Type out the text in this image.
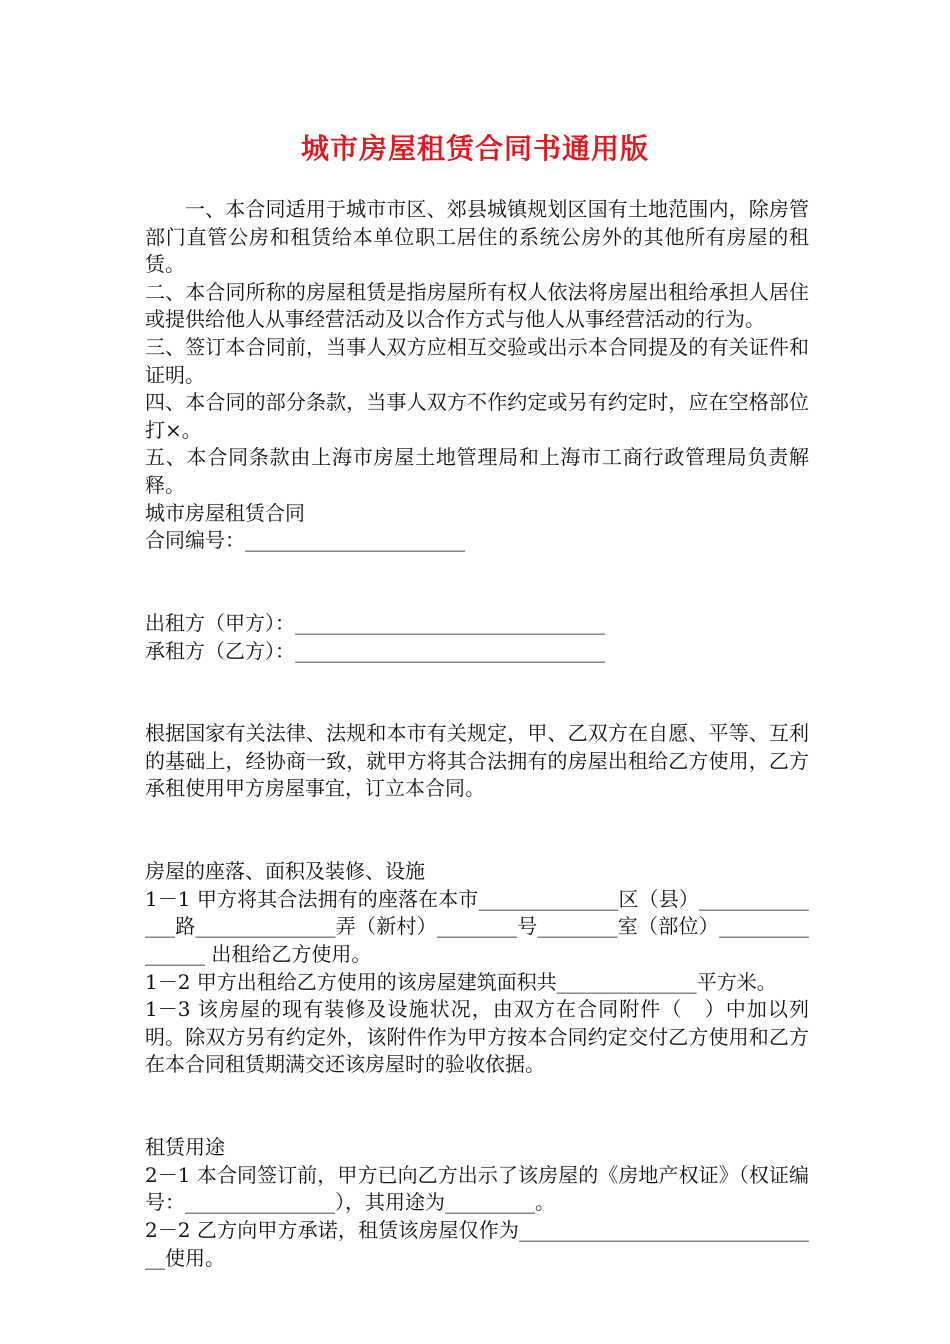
城市房屋租赁合同书通用版

一、本合同适用于城市市区、郊县城镇规划区国有土地范围内，除房管部门直管公房和租赁给本单位职工居住的系统公房外的其他所有房屋的租赁。

二、本合同所称的房屋租赁是指房屋所有权人依法将房屋出租给承担人居住或提供给他人从事经营活动及以合作方式与他人从事经营活动的行为。

三、签订本合同前，当事人双方应相互交验或出示本合同提及的有关证件和证明。

四、本合同的部分条款，当事人双方不作约定或另有约定时，应在空格部位打×。

五、本合同条款由上海市房屋土地管理局和上海市工商行政管理局负责解释。

城市房屋租赁合同

合同编号：______________________

出租方（甲方）：_______________________________

承租方（乙方）：_______________________________

根据国家有关法律、法规和本市有关规定，甲、乙双方在自愿、平等、互利的基础上，经协商一致，就甲方将其合法拥有的房屋出租给乙方使用，乙方承租使用甲方房屋事宜，订立本合同。

房屋的座落、面积及装修、设施

1－1 甲方将其合法拥有的座落在本市______________区（县）______________路______________弄（新村）________号________室（部位）_______________ 出租给乙方使用。

1－2 甲方出租给乙方使用的该房屋建筑面积共______________平方米。

1－3 该房屋的现有装修及设施状况，由双方在合同附件（   ）中加以列明。除双方另有约定外，该附件作为甲方按本合同约定交付乙方使用和乙方在本合同租赁期满交还该房屋时的验收依据。

租赁用途

2－1 本合同签订前，甲方已向乙方出示了该房屋的《房地产权证》（权证编号：_______________），其用途为_________。

2－2 乙方向甲方承诺，租赁该房屋仅作为_______________________________使用。
